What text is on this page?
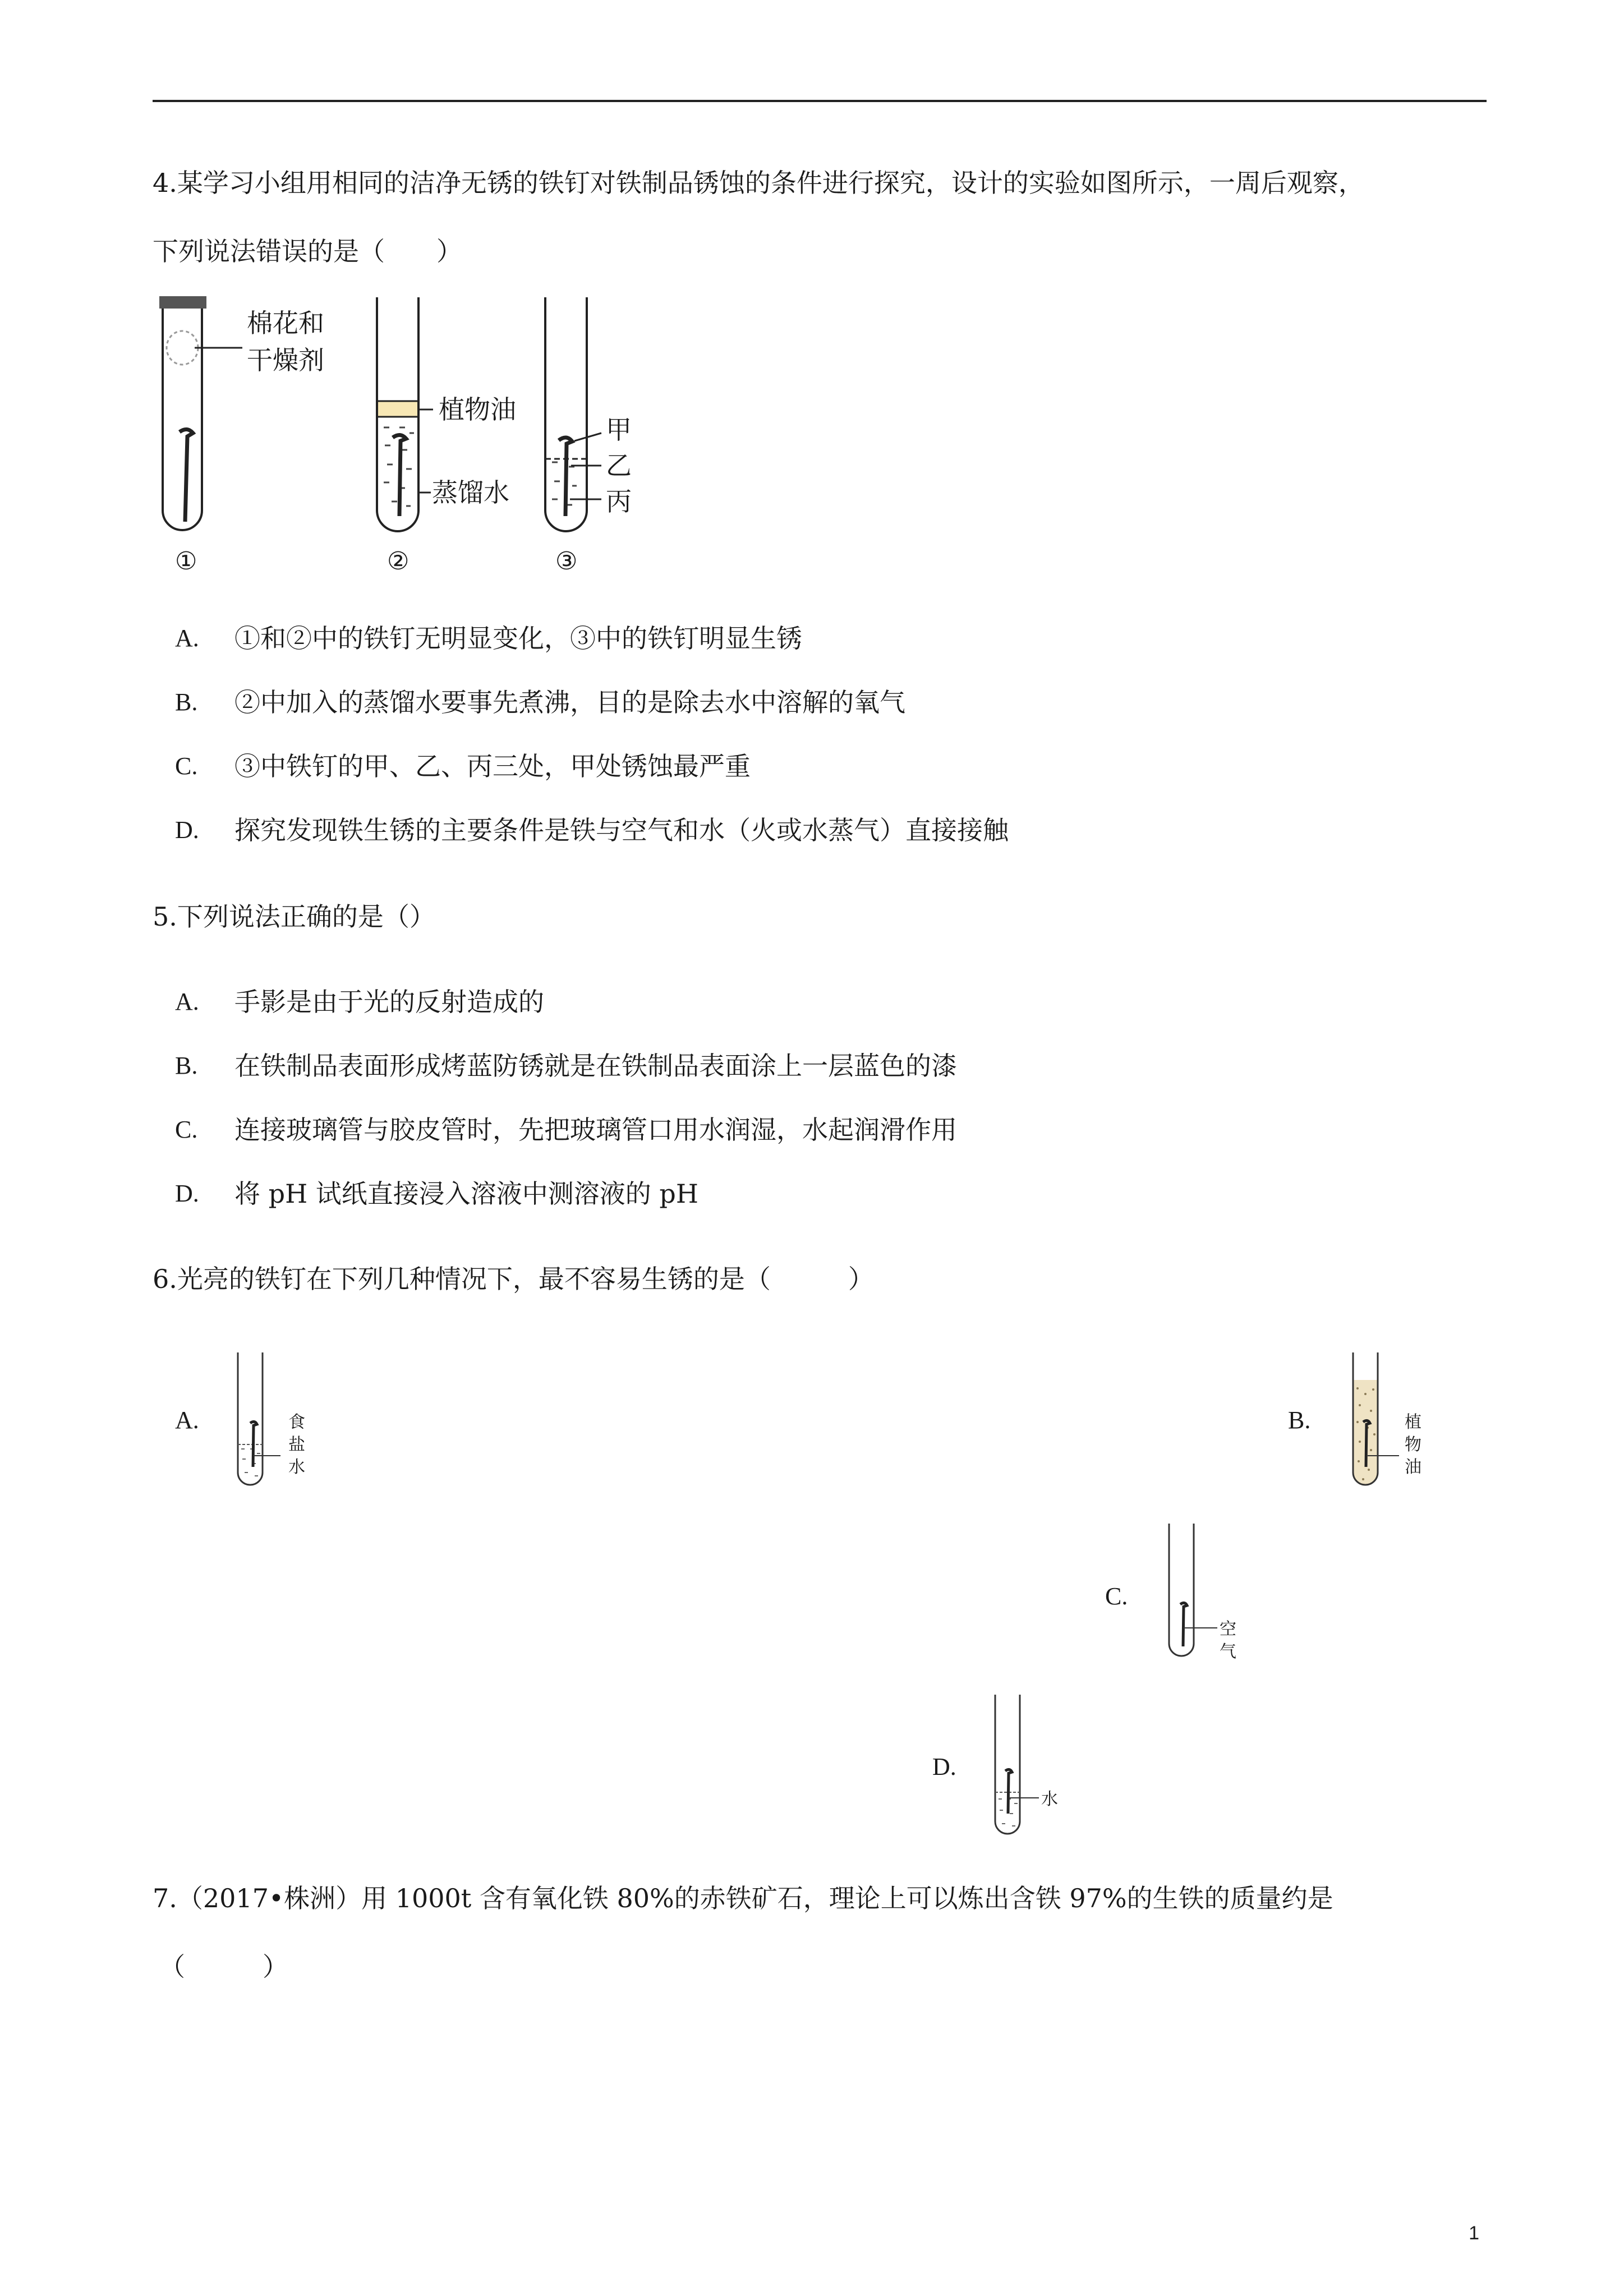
4.某学习小组用相同的洁净无锈的铁钉对铁制品锈蚀的条件进行探究，设计的实验如图所示，一周后观察，
下列说法错误的是（　　）
棉花和
干燥剂
①
植物油
蒸馏水
②
甲
乙
丙
③
A. ①和②中的铁钉无明显变化，③中的铁钉明显生锈
B. ②中加入的蒸馏水要事先煮沸，目的是除去水中溶解的氧气
C. ③中铁钉的甲、乙、丙三处，甲处锈蚀最严重
D. 探究发现铁生锈的主要条件是铁与空气和水（火或水蒸气）直接接触
5.下列说法正确的是（）
A. 手影是由于光的反射造成的
B. 在铁制品表面形成烤蓝防锈就是在铁制品表面涂上一层蓝色的漆
C. 连接玻璃管与胶皮管时，先把玻璃管口用水润湿，水起润滑作用
D. 将 pH 试纸直接浸入溶液中测溶液的 pH
6.光亮的铁钉在下列几种情况下，最不容易生锈的是（　　　）
A.	食
盐
水
B.	植
物
油
C.
空
气
D.
水
7.（2017•株洲）用 1000t 含有氧化铁 80%的赤铁矿石，理论上可以炼出含铁 97%的生铁的质量约是
（　　　）
1
